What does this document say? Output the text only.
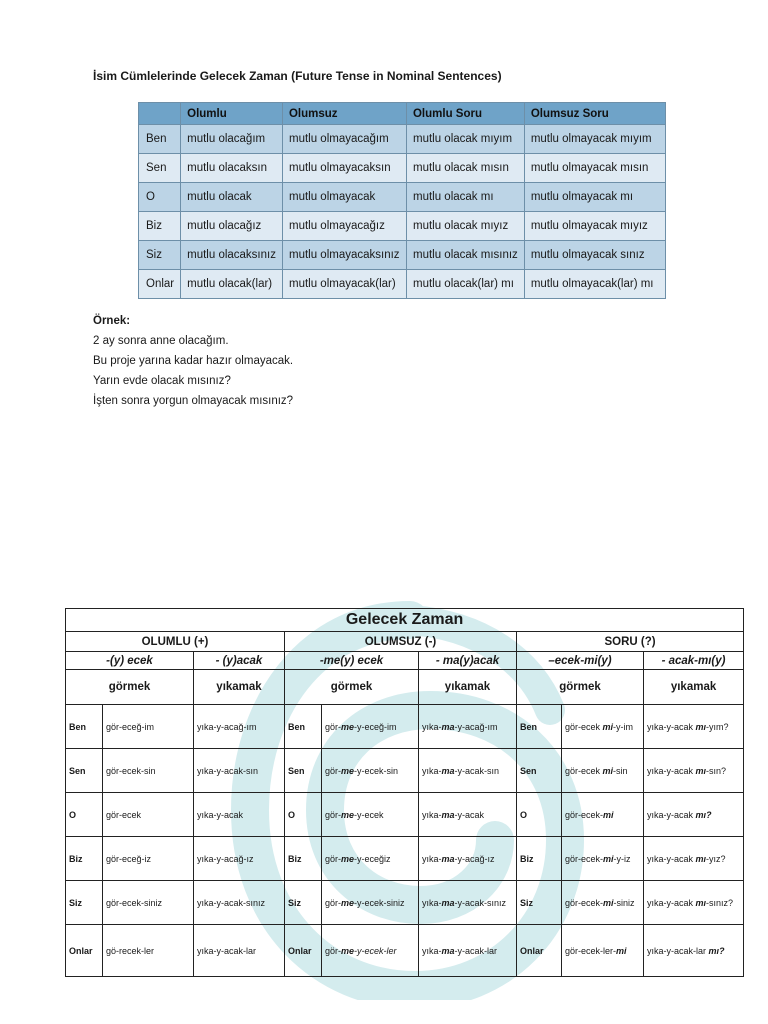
İsim Cümlelerinde Gelecek Zaman (Future Tense in Nominal Sentences)
	Olumlu	Olumsuz	Olumlu Soru	Olumsuz Soru
Ben	mutlu olacağım	mutlu olmayacağım	mutlu olacak mıyım	mutlu olmayacak mıyım
Sen	mutlu olacaksın	mutlu olmayacaksın	mutlu olacak mısın	mutlu olmayacak mısın
O	mutlu olacak	mutlu olmayacak	mutlu olacak mı	mutlu olmayacak mı
Biz	mutlu olacağız	mutlu olmayacağız	mutlu olacak mıyız	mutlu olmayacak mıyız
Siz	mutlu olacaksınız	mutlu olmayacaksınız	mutlu olacak mısınız	mutlu olmayacak sınız
Onlar	mutlu olacak(lar)	mutlu olmayacak(lar)	mutlu olacak(lar) mı	mutlu olmayacak(lar) mı
Örnek:
2 ay sonra anne olacağım.
Bu proje yarına kadar hazır olmayacak.
Yarın evde olacak mısınız?
İşten sonra yorgun olmayacak mısınız?
Gelecek Zaman								
OLUMLU (+)			OLUMSUZ (-)			SORU (?)		
-(y) ecek		- (y)acak	-me(y) ecek		- ma(y)acak	–ecek-mi(y)		- acak-mı(y)
görmek		yıkamak	görmek		yıkamak	görmek		yıkamak
Ben	gör-eceğ-im	yıka-y-acağ-ım	Ben	gör-me-y-eceğ-im	yıka-ma-y-acağ-ım	Ben	gör-ecek mi-y-im	yıka-y-acak mı-yım?
Sen	gör-ecek-sin	yıka-y-acak-sın	Sen	gör-me-y-ecek-sin	yıka-ma-y-acak-sın	Sen	gör-ecek mi-sin	yıka-y-acak mı-sın?
O	gör-ecek	yıka-y-acak	O	gör-me-y-ecek	yıka-ma-y-acak	O	gör-ecek-mi	yıka-y-acak mı?
Biz	gör-eceğ-iz	yıka-y-acağ-ız	Biz	gör-me-y-eceğiz	yıka-ma-y-acağ-ız	Biz	gör-ecek-mi-y-iz	yıka-y-acak mı-yız?
Siz	gör-ecek-siniz	yıka-y-acak-sınız	Siz	gör-me-y-ecek-siniz	yıka-ma-y-acak-sınız	Siz	gör-ecek-mi-siniz	yıka-y-acak mı-sınız?
Onlar	gö-recek-ler	yıka-y-acak-lar	Onlar	gör-me-y-ecek-ler	yıka-ma-y-acak-lar	Onlar	gör-ecek-ler-mi	yıka-y-acak-lar mı?
